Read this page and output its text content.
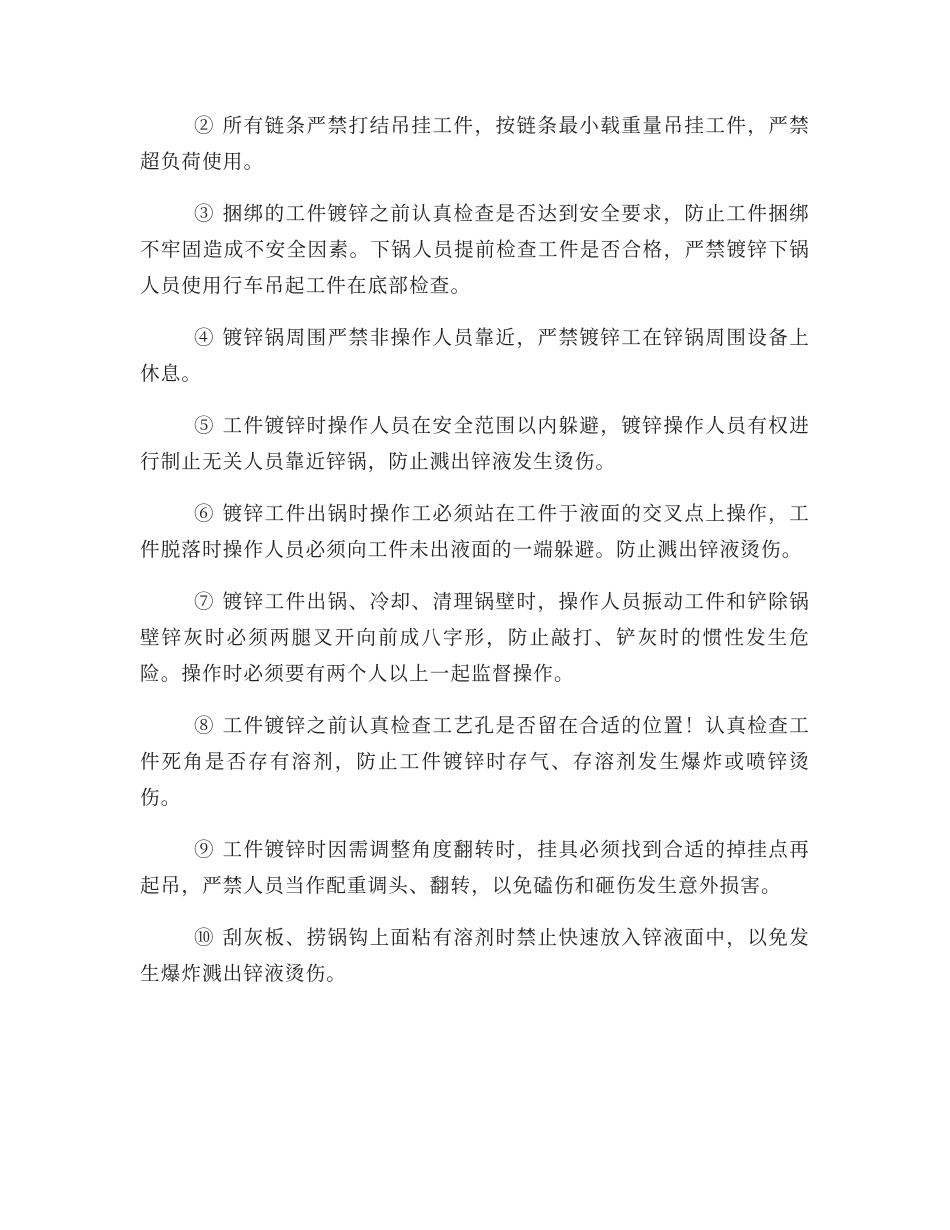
② 所有链条严禁打结吊挂工件，按链条最小载重量吊挂工件，严禁超负荷使用。

③ 捆绑的工件镀锌之前认真检查是否达到安全要求，防止工件捆绑不牢固造成不安全因素。下锅人员提前检查工件是否合格，严禁镀锌下锅人员使用行车吊起工件在底部检查。

④ 镀锌锅周围严禁非操作人员靠近，严禁镀锌工在锌锅周围设备上休息。

⑤ 工件镀锌时操作人员在安全范围以内躲避，镀锌操作人员有权进行制止无关人员靠近锌锅，防止溅出锌液发生烫伤。

⑥ 镀锌工件出锅时操作工必须站在工件于液面的交叉点上操作，工件脱落时操作人员必须向工件未出液面的一端躲避。防止溅出锌液烫伤。

⑦ 镀锌工件出锅、冷却、清理锅壁时，操作人员振动工件和铲除锅壁锌灰时必须两腿叉开向前成八字形，防止敲打、铲灰时的惯性发生危险。操作时必须要有两个人以上一起监督操作。

⑧ 工件镀锌之前认真检查工艺孔是否留在合适的位置！认真检查工件死角是否存有溶剂，防止工件镀锌时存气、存溶剂发生爆炸或喷锌烫伤。

⑨ 工件镀锌时因需调整角度翻转时，挂具必须找到合适的掉挂点再起吊，严禁人员当作配重调头、翻转，以免磕伤和砸伤发生意外损害。

⑩ 刮灰板、捞锅钩上面粘有溶剂时禁止快速放入锌液面中，以免发生爆炸溅出锌液烫伤。
